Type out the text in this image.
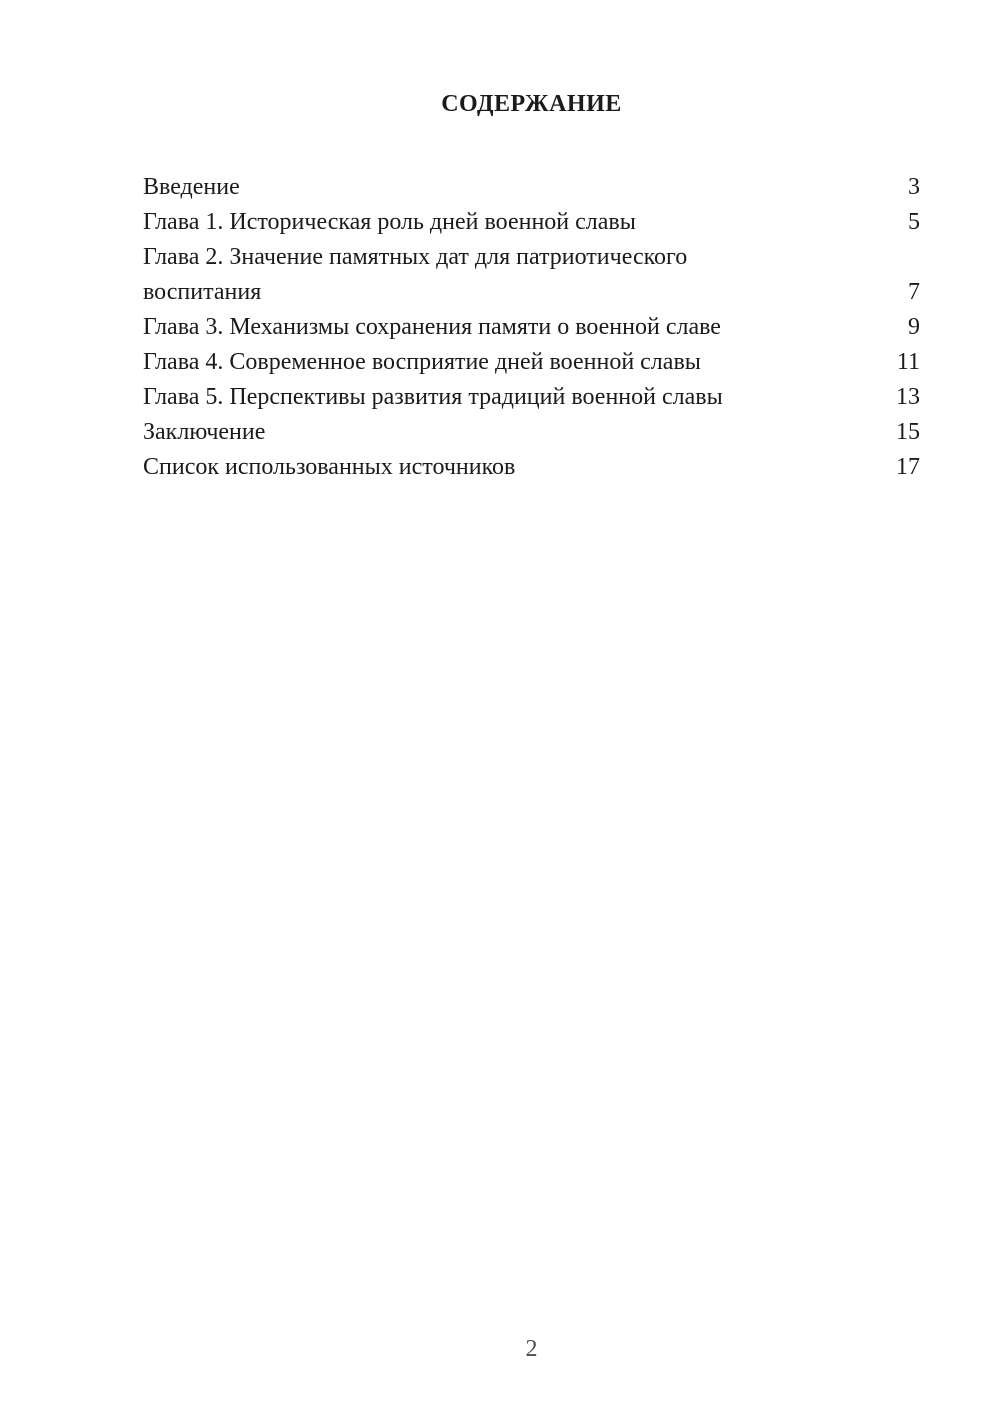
СОДЕРЖАНИЕ
Введение	3
Глава 1. Историческая роль дней военной славы	5
Глава 2. Значение памятных дат для патриотического воспитания	7
Глава 3. Механизмы сохранения памяти о военной славе	9
Глава 4. Современное восприятие дней военной славы	11
Глава 5. Перспективы развития традиций военной славы	13
Заключение	15
Список использованных источников	17
2
